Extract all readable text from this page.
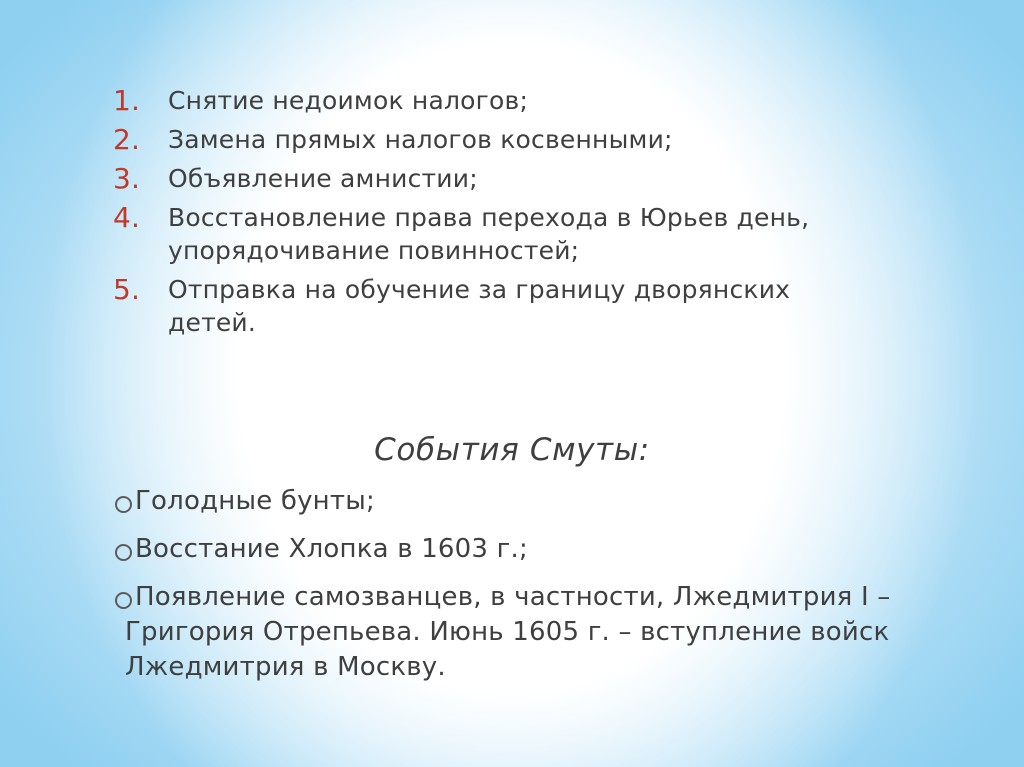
1. Снятие недоимок налогов;
2. Замена прямых налогов косвенными;
3. Объявление амнистии;
4. Восстановление права перехода в Юрьев день,
упорядочивание повинностей;
5. Отправка на обучение за границу дворянских
детей.
События Смуты:
Голодные бунты;
Восстание Хлопка в 1603 г.;
Появление самозванцев, в частности, Лжедмитрия I –
Григория Отрепьева. Июнь 1605 г. – вступление войск
Лжедмитрия в Москву.
